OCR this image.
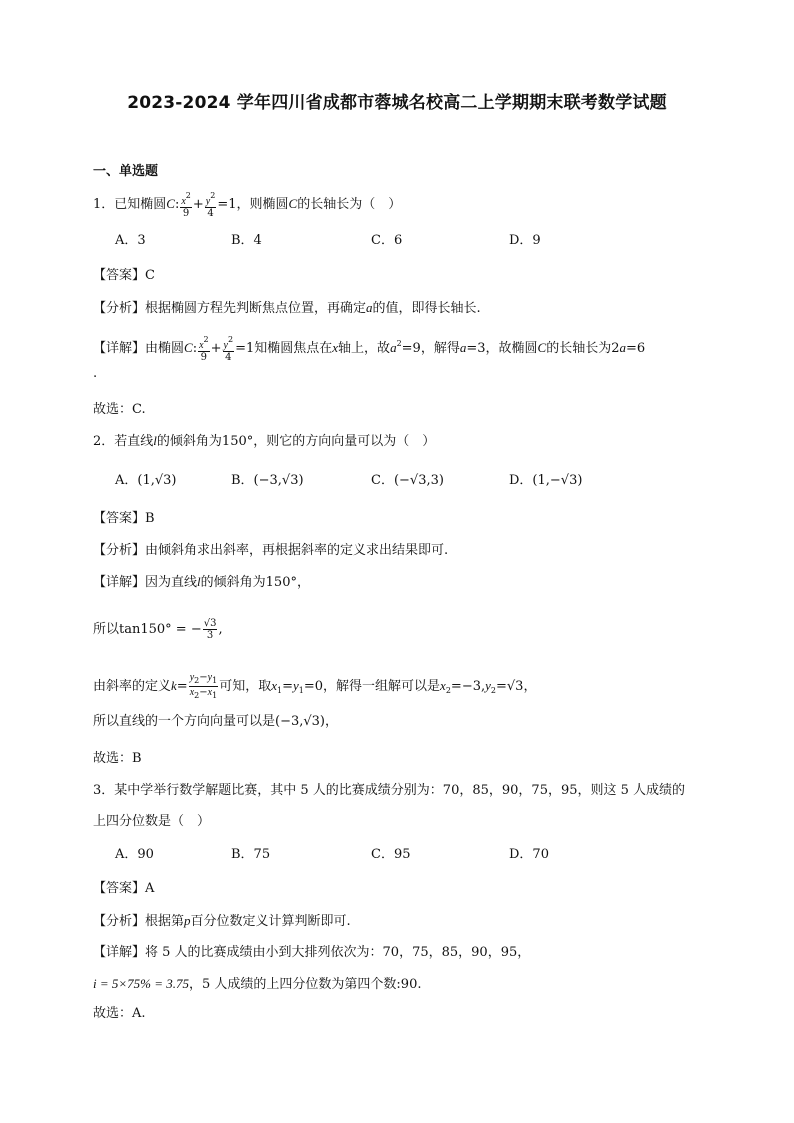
2023-2024 学年四川省成都市蓉城名校高二上学期期末联考数学试题
一、单选题
1．已知椭圆C: $\frac{x^2}{9} + \frac{y^2}{4} =1$，则椭圆C的长轴长为（　）
A．3	B．4	C．6	D．9
【答案】C
【分析】根据椭圆方程先判断焦点位置，再确定a的值，即得长轴长.
【详解】由椭圆C: $\frac{x^2}{9} + \frac{y^2}{4} =1$知椭圆焦点在x轴上，故$a^2=9$，解得a=3，故椭圆C的长轴长为2a=6
.
故选：C.
2．若直线l的倾斜角为150°，则它的方向向量可以为（　）
A．(1,√3)	B．(−3,√3)	C．(−√3,3)	D．(1,−√3)
【答案】B
【分析】由倾斜角求出斜率，再根据斜率的定义求出结果即可.
【详解】因为直线l的倾斜角为150°，
所以tan150° = − $\frac{√3}{3}$ ,
由斜率的定义$k= \frac{y_2-y_1}{x_2-x_1}$ 可知，取$x_1=y_1=0$，解得一组解可以是$x_2=-3,y_2=√3$，
所以直线的一个方向向量可以是(−3,√3)，
故选：B
3．某中学举行数学解题比赛，其中 5 人的比赛成绩分别为：70，85，90，75，95，则这 5 人成绩的
上四分位数是（　）
A．90	B．75	C．95	D．70
【答案】A
【分析】根据第p百分位数定义计算判断即可.
【详解】将 5 人的比赛成绩由小到大排列依次为：70，75，85，90，95，
i = 5×75% = 3.75，5 人成绩的上四分位数为第四个数:90.
故选：A.
